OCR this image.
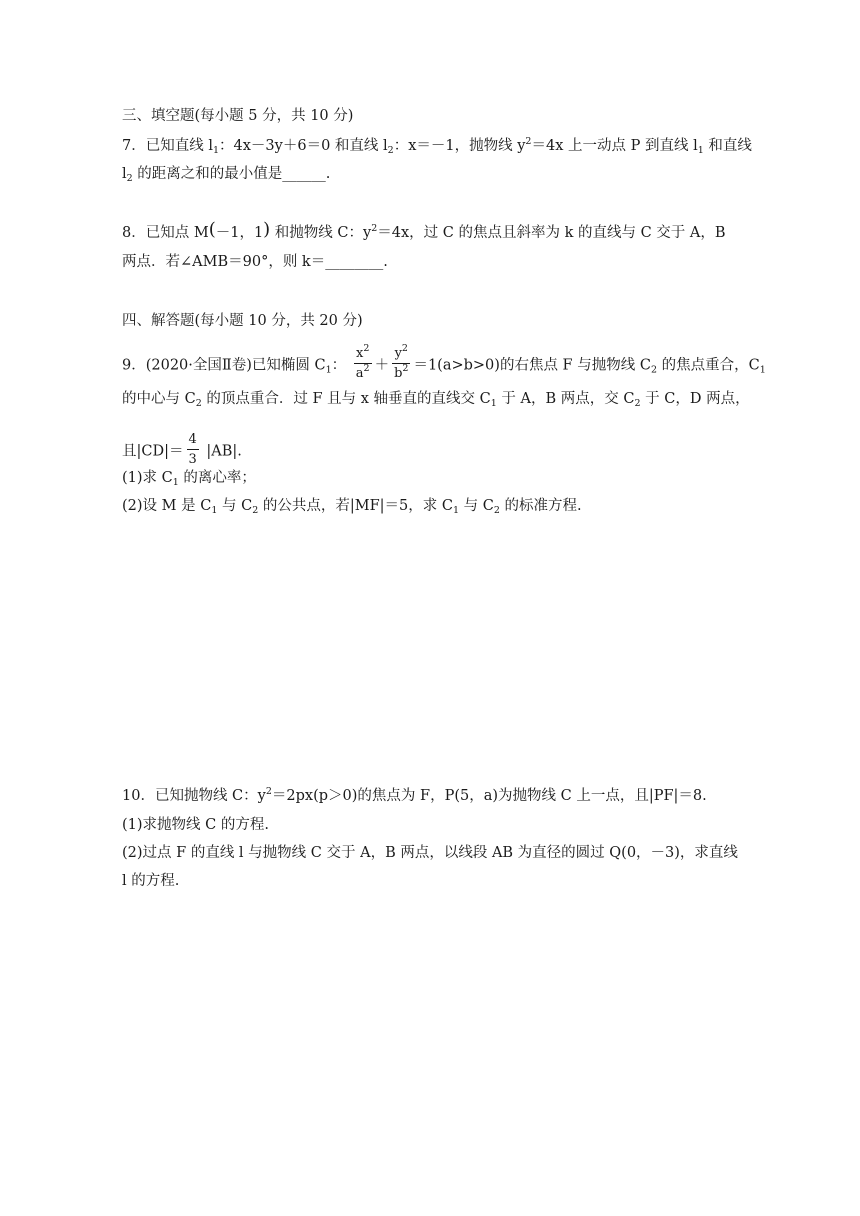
三、填空题(每小题 5 分，共 10 分)
7．已知直线 $l_1$：4x－3y＋6＝0 和直线 $l_2$：x＝－1，抛物线 $y^2=4x$ 上一动点 P 到直线 $l_1$ 和直线
$l_2$ 的距离之和的最小值是______.
8．已知点 M(－1，1) 和抛物线 C：$y^2=4x$，过 C 的焦点且斜率为 k 的直线与 C 交于 A，B
两点．若∠AMB＝90°，则 k＝________.
四、解答题(每小题 10 分，共 20 分)
9．(2020·全国Ⅱ卷)已知椭圆 $C_1$： $\frac{x^2}{a^2} + \frac{y^2}{b^2} =1(a>b>0)$的右焦点 F 与抛物线 $C_2$ 的焦点重合，$C_1$
的中心与 $C_2$ 的顶点重合．过 F 且与 x 轴垂直的直线交 $C_1$ 于 A，B 两点，交 $C_2$ 于 C，D 两点，
且$|CD|= \frac{4}{3} |AB|$.
(1)求 $C_1$ 的离心率；
(2)设 M 是 $C_1$ 与 $C_2$ 的公共点，若|MF|＝5，求 $C_1$ 与 $C_2$ 的标准方程.
10．已知抛物线 C：$y^2=2px(p>0)$的焦点为 F，P(5，a)为抛物线 C 上一点，且|PF|＝8.
(1)求抛物线 C 的方程.
(2)过点 F 的直线 l 与抛物线 C 交于 A，B 两点，以线段 AB 为直径的圆过 Q(0，－3)，求直线
l 的方程.
